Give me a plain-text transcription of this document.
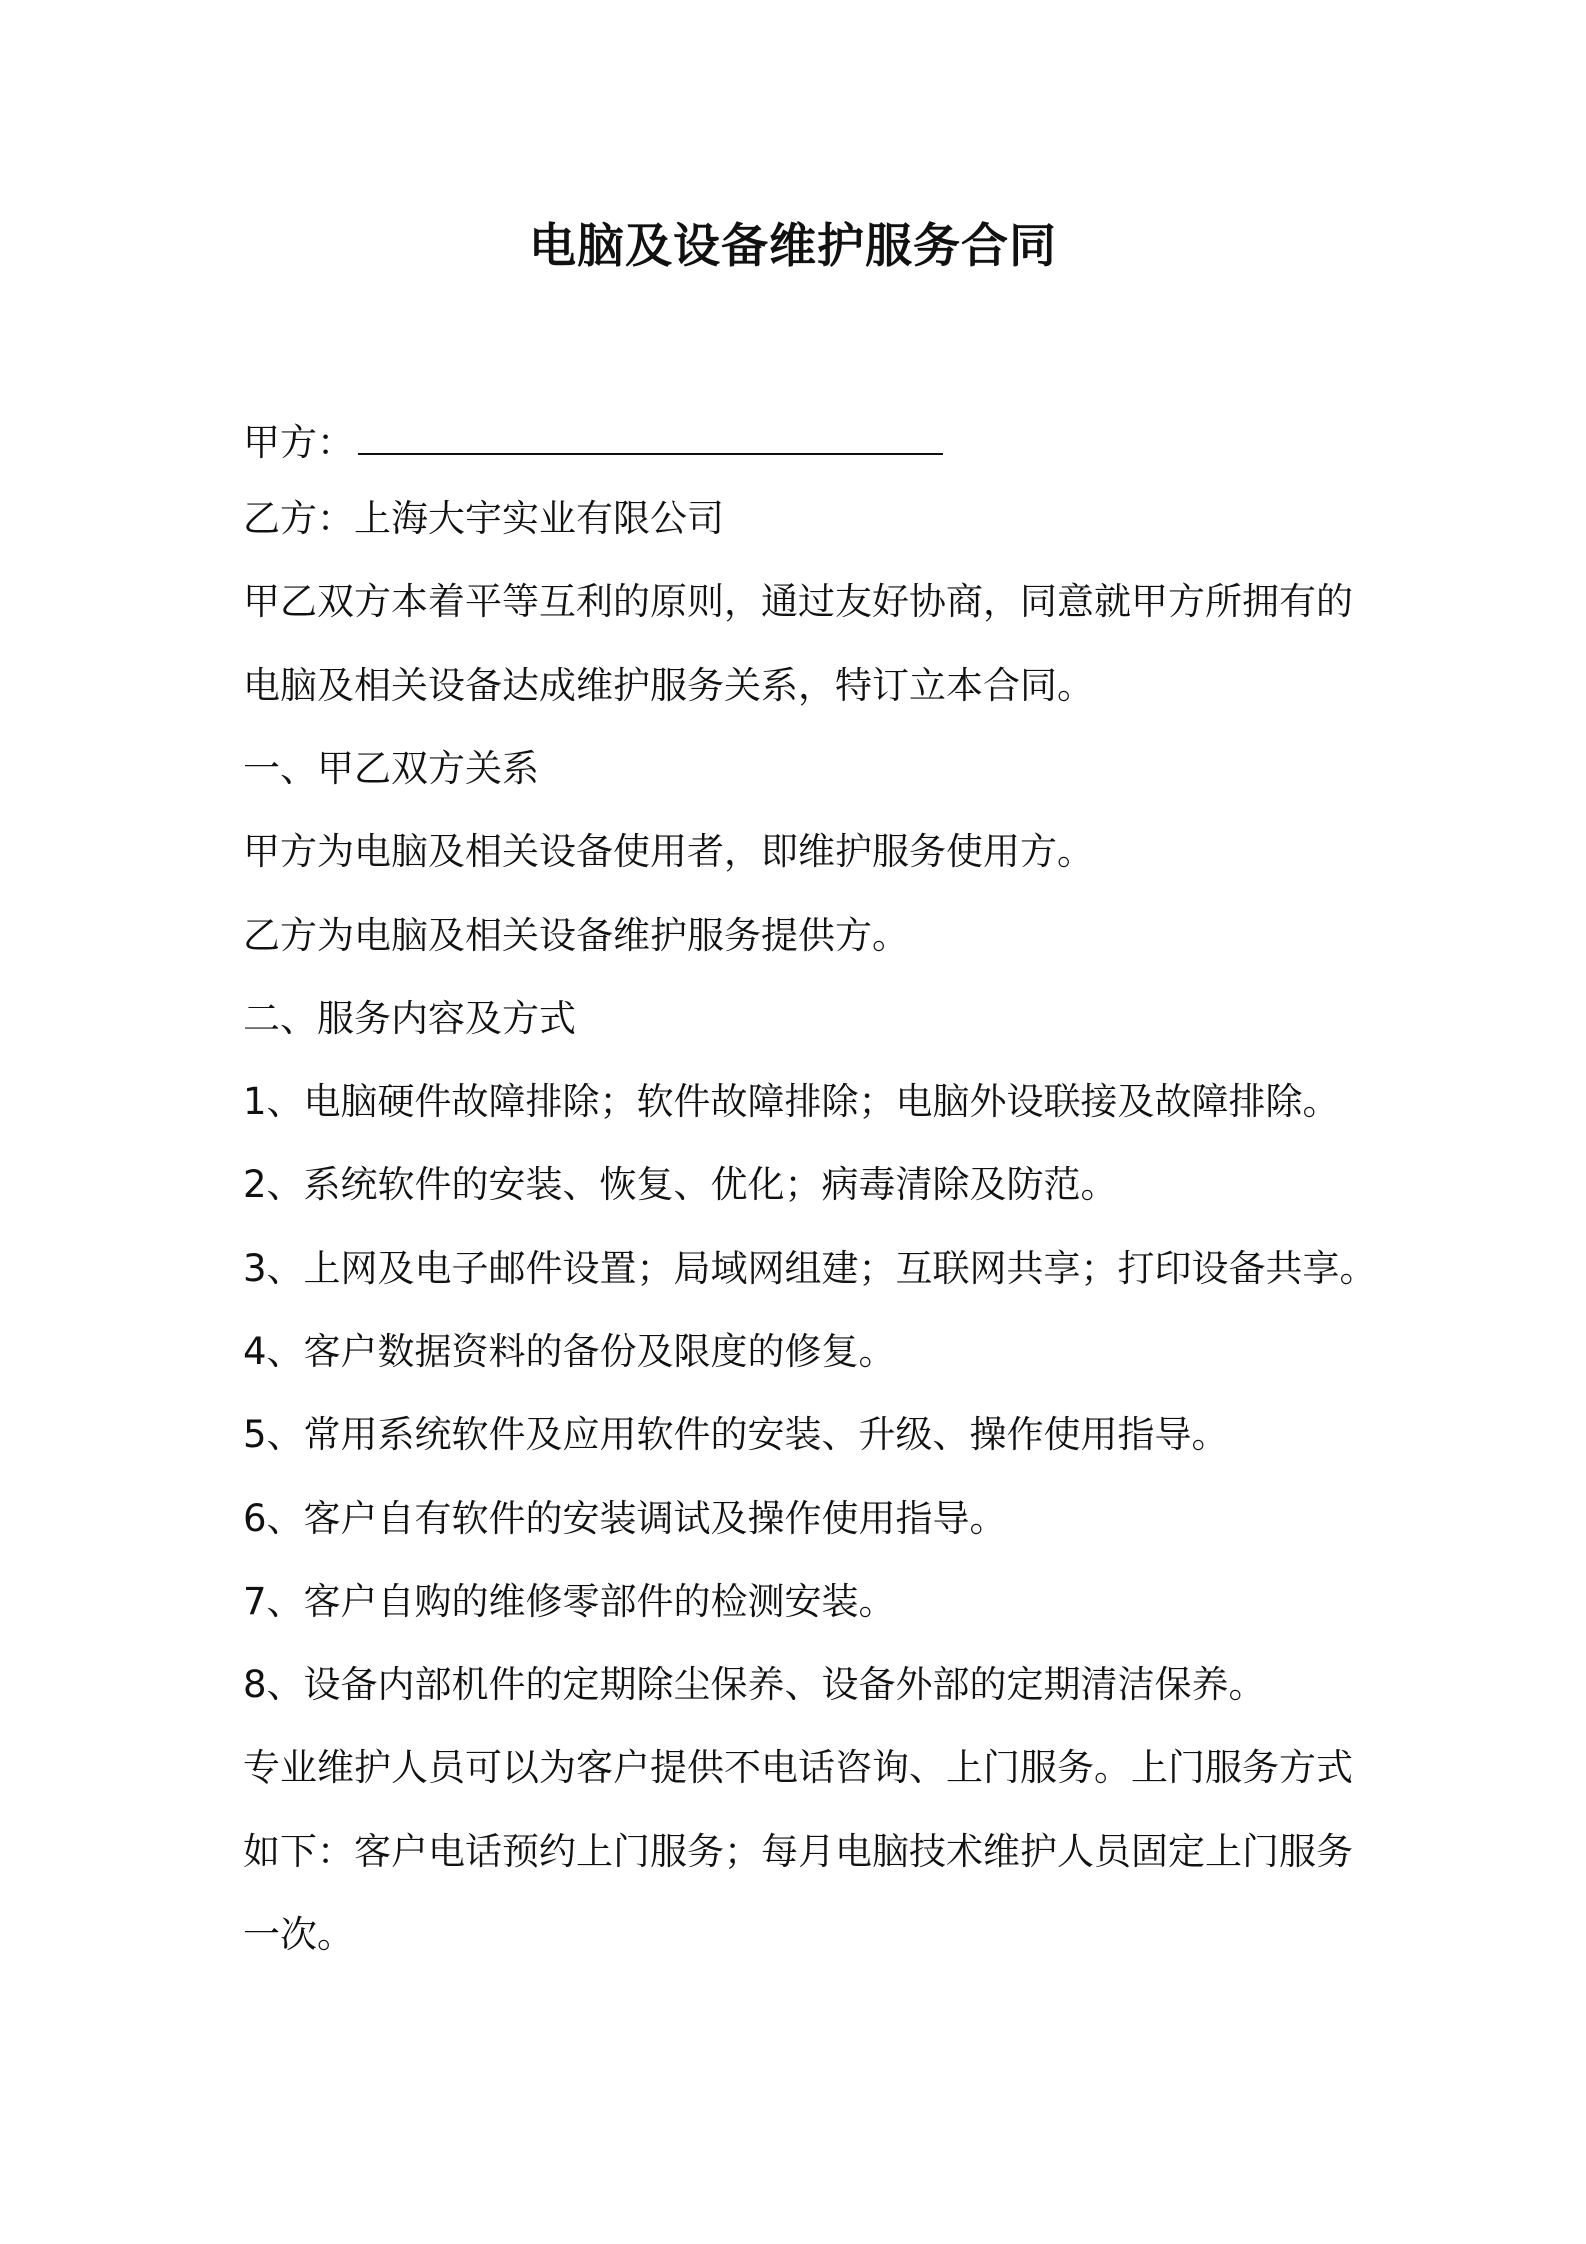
电脑及设备维护服务合同
甲方：
乙方：上海大宇实业有限公司
甲乙双方本着平等互利的原则，通过友好协商，同意就甲方所拥有的
电脑及相关设备达成维护服务关系，特订立本合同。
一、甲乙双方关系
甲方为电脑及相关设备使用者，即维护服务使用方。
乙方为电脑及相关设备维护服务提供方。
二、服务内容及方式
1、电脑硬件故障排除；软件故障排除；电脑外设联接及故障排除。
2、系统软件的安装、恢复、优化；病毒清除及防范。
3、上网及电子邮件设置；局域网组建；互联网共享；打印设备共享。
4、客户数据资料的备份及限度的修复。
5、常用系统软件及应用软件的安装、升级、操作使用指导。
6、客户自有软件的安装调试及操作使用指导。
7、客户自购的维修零部件的检测安装。
8、设备内部机件的定期除尘保养、设备外部的定期清洁保养。
专业维护人员可以为客户提供不电话咨询、上门服务。上门服务方式
如下：客户电话预约上门服务；每月电脑技术维护人员固定上门服务
一次。
